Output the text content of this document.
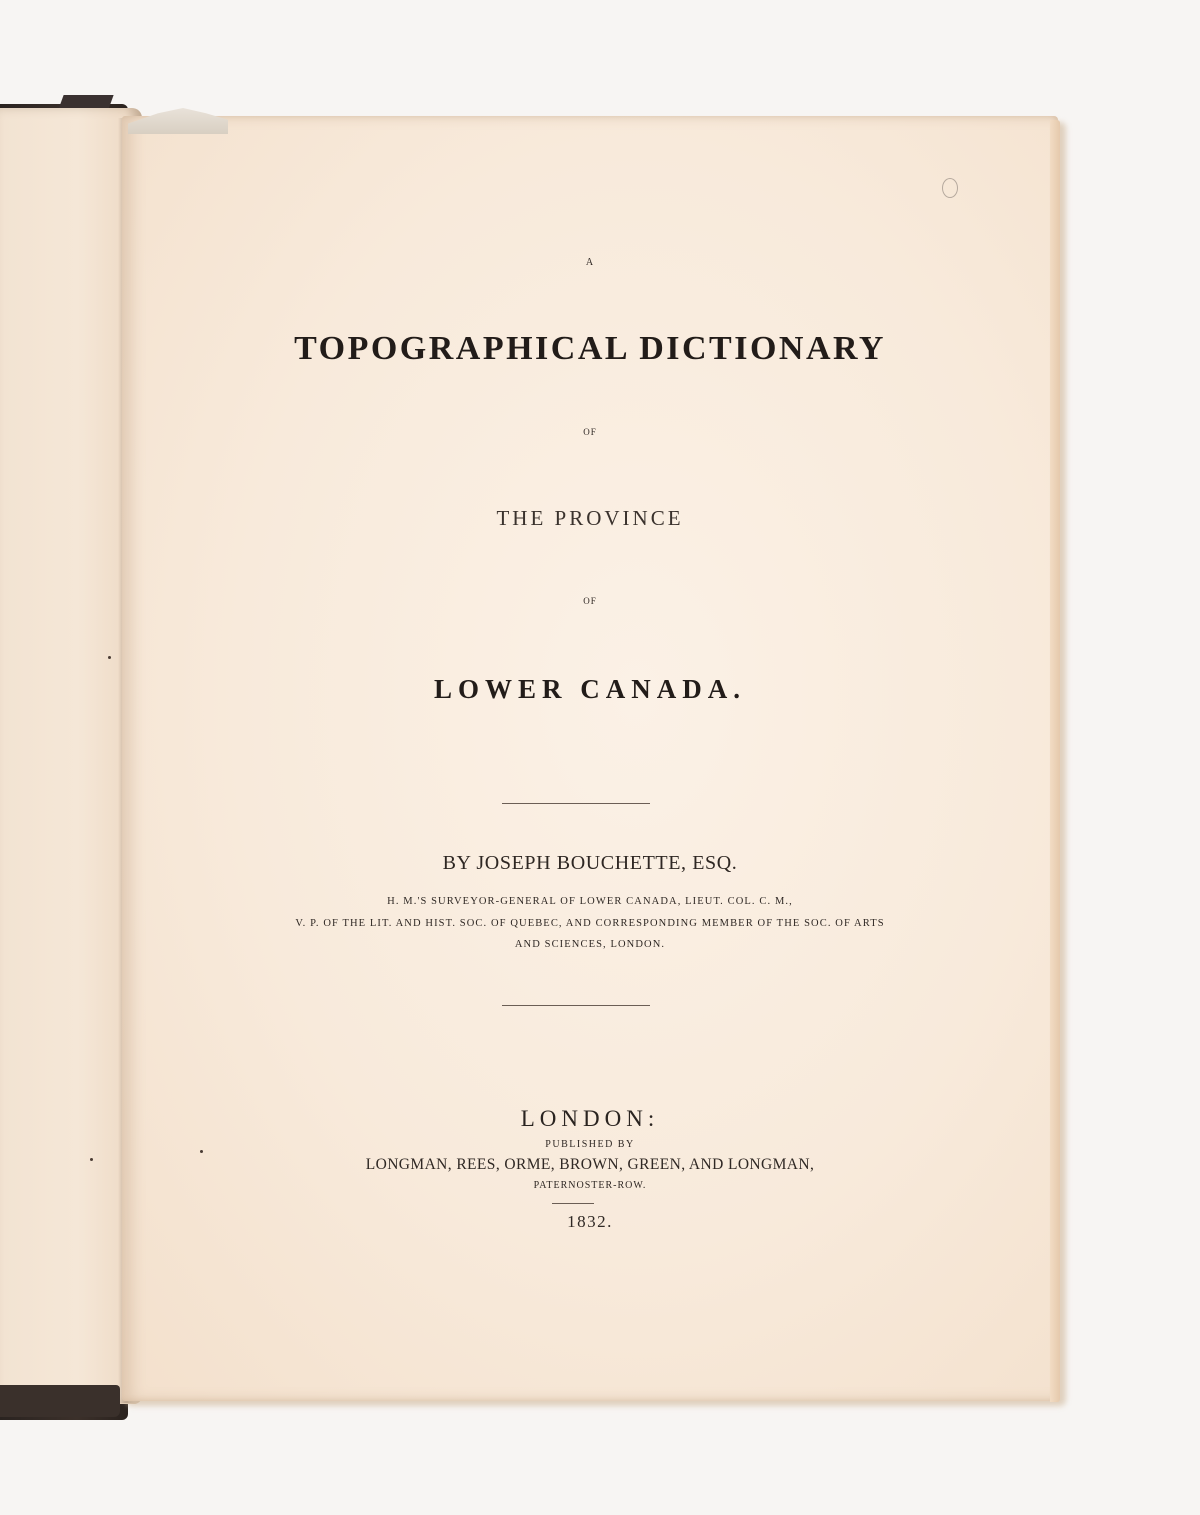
A

TOPOGRAPHICAL DICTIONARY

OF

THE PROVINCE

OF

LOWER CANADA.

BY JOSEPH BOUCHETTE, ESQ.

H. M.'S SURVEYOR-GENERAL OF LOWER CANADA, LIEUT. COL. C. M.,

V. P. OF THE LIT. AND HIST. SOC. OF QUEBEC, AND CORRESPONDING MEMBER OF THE SOC. OF ARTS

AND SCIENCES, LONDON.

LONDON:

PUBLISHED BY

LONGMAN, REES, ORME, BROWN, GREEN, AND LONGMAN,

PATERNOSTER-ROW.

1832.
